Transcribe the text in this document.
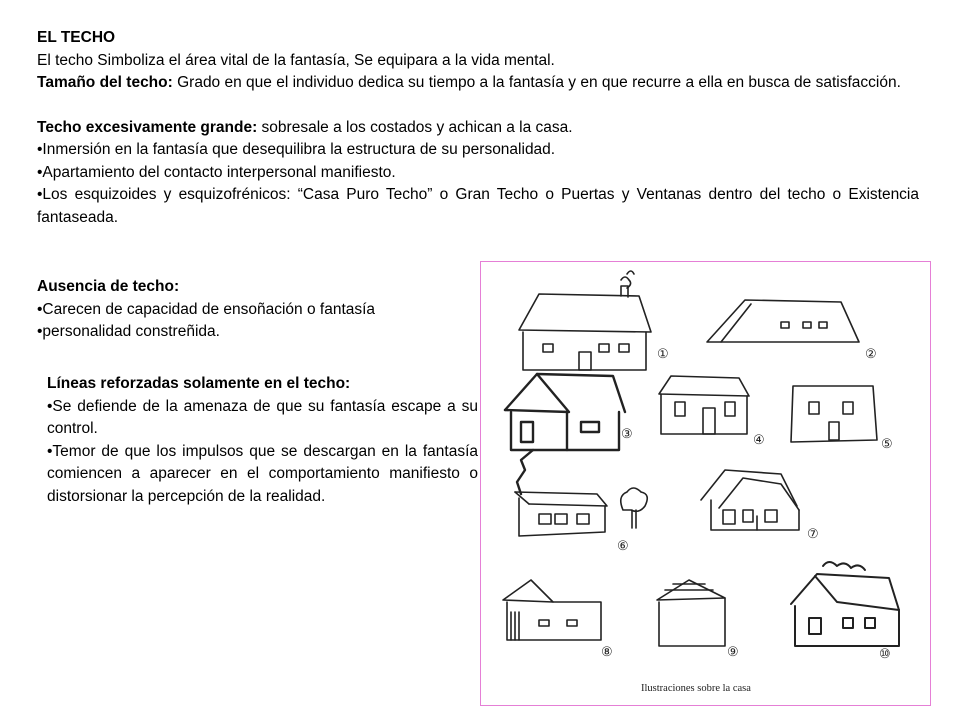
EL TECHO

El techo Simboliza el área vital de la fantasía, Se equipara a la vida mental.

Tamaño del techo: Grado en que el individuo dedica su tiempo a la fantasía y en que recurre a ella en busca de satisfacción.

Techo excesivamente grande: sobresale a los costados y achican a la casa.

•Inmersión en la fantasía que desequilibra la estructura de su personalidad.

•Apartamiento del contacto interpersonal manifiesto.

•Los esquizoides y esquizofrénicos: “Casa Puro Techo” o Gran Techo o Puertas y Ventanas dentro del techo o Existencia fantaseada.

Ausencia de techo:

•Carecen de capacidad de ensoñación o fantasía

•personalidad constreñida.

Líneas reforzadas solamente en el techo:

•Se defiende de la amenaza de que su fantasía escape a su control.

•Temor de que los impulsos que se descargan en la fantasía comiencen a aparecer en el comportamiento manifiesto o distorsionar la percepción de la realidad.

①	②
③	④	⑤
⑥
⑦
⑧	⑨	⑩
Ilustraciones sobre la casa
